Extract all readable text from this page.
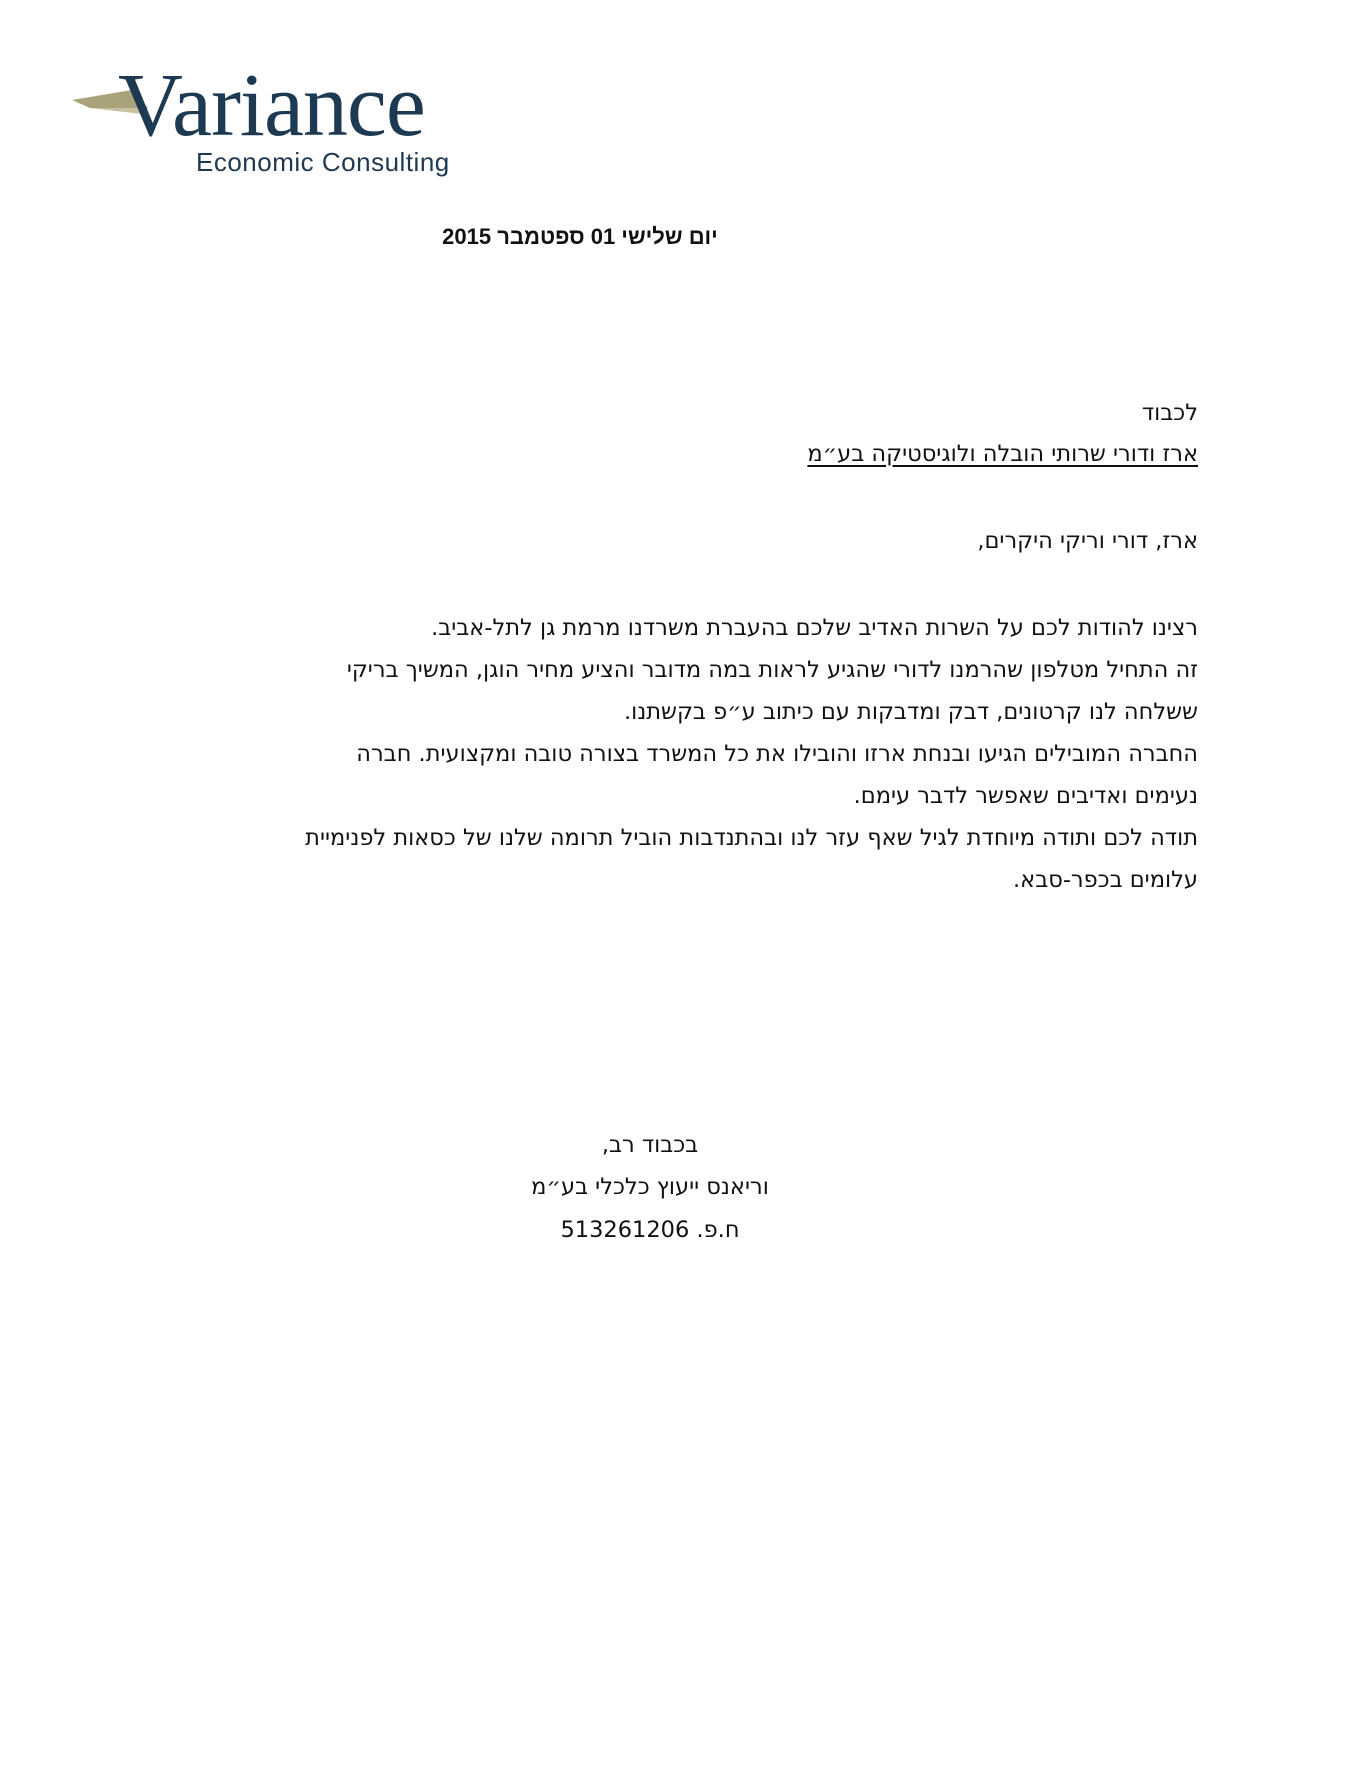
Variance
Economic Consulting
יום שלישי 01 ספטמבר 2015
לכבוד
ארז ודורי שרותי הובלה ולוגיסטיקה בע״מ
ארז, דורי וריקי היקרים,
רצינו להודות לכם על השרות האדיב שלכם בהעברת משרדנו מרמת גן לתל-אביב.
זה התחיל מטלפון שהרמנו לדורי שהגיע לראות במה מדובר והציע מחיר הוגן, המשיך בריקי
ששלחה לנו קרטונים, דבק ומדבקות עם כיתוב ע״פ בקשתנו.
החברה המובילים הגיעו ובנחת ארזו והובילו את כל המשרד בצורה טובה ומקצועית. חברה
נעימים ואדיבים שאפשר לדבר עימם.
תודה לכם ותודה מיוחדת לגיל שאף עזר לנו ובהתנדבות הוביל תרומה שלנו של כסאות לפנימיית
עלומים בכפר-סבא.
בכבוד רב,
וריאנס ייעוץ כלכלי בע״מ
ח.פ. 513261206
